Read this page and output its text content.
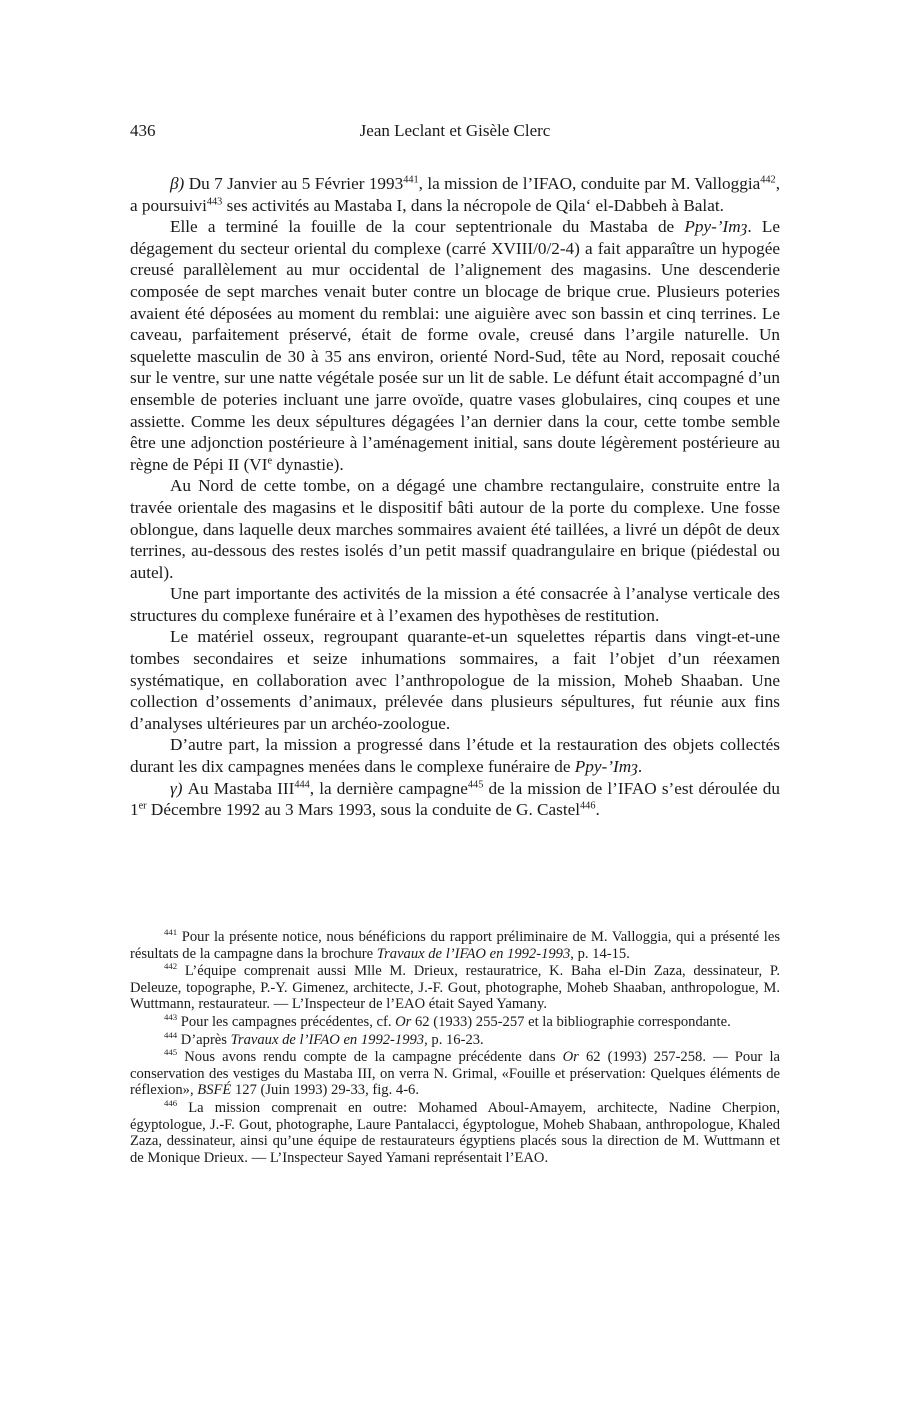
436	Jean Leclant et Gisèle Clerc

β) Du 7 Janvier au 5 Février 1993$^{441}$, la mission de l’IFAO, conduite par M. Valloggia$^{442}$, a poursuivi$^{443}$ ses activités au Mastaba I, dans la nécropole de Qila‘ el-Dabbeh à Balat.

Elle a terminé la fouille de la cour septentrionale du Mastaba de Ppy-’Imȝ. Le dégagement du secteur oriental du complexe (carré XVIII/0/2-4) a fait apparaître un hypogée creusé parallèlement au mur occidental de l’alignement des magasins. Une descenderie composée de sept marches venait buter contre un blocage de brique crue. Plusieurs poteries avaient été déposées au moment du remblai: une aiguière avec son bassin et cinq terrines. Le caveau, parfaitement préservé, était de forme ovale, creusé dans l’argile naturelle. Un squelette masculin de 30 à 35 ans environ, orienté Nord-Sud, tête au Nord, reposait couché sur le ventre, sur une natte végétale posée sur un lit de sable. Le défunt était accompagné d’un ensemble de poteries incluant une jarre ovoïde, quatre vases globulaires, cinq coupes et une assiette. Comme les deux sépultures dégagées l’an dernier dans la cour, cette tombe semble être une adjonction postérieure à l’aménagement initial, sans doute légèrement postérieure au règne de Pépi II (VIe dynastie).

Au Nord de cette tombe, on a dégagé une chambre rectangulaire, construite entre la travée orientale des magasins et le dispositif bâti autour de la porte du complexe. Une fosse oblongue, dans laquelle deux marches sommaires avaient été taillées, a livré un dépôt de deux terrines, au-dessous des restes isolés d’un petit massif quadrangulaire en brique (piédestal ou autel).

Une part importante des activités de la mission a été consacrée à l’analyse verticale des structures du complexe funéraire et à l’examen des hypothèses de restitution.

Le matériel osseux, regroupant quarante-et-un squelettes répartis dans vingt-et-une tombes secondaires et seize inhumations sommaires, a fait l’objet d’un réexamen systématique, en collaboration avec l’anthropologue de la mission, Moheb Shaaban. Une collection d’ossements d’animaux, prélevée dans plusieurs sépultures, fut réunie aux fins d’analyses ultérieures par un archéo-zoologue.

D’autre part, la mission a progressé dans l’étude et la restauration des objets collectés durant les dix campagnes menées dans le complexe funéraire de Ppy-’Imȝ.

γ) Au Mastaba III$^{444}$, la dernière campagne$^{445}$ de la mission de l’IFAO s’est déroulée du 1er Décembre 1992 au 3 Mars 1993, sous la conduite de G. Castel$^{446}$.

$^{441}$ Pour la présente notice, nous bénéficions du rapport préliminaire de M. Valloggia, qui a présenté les résultats de la campagne dans la brochure Travaux de l’IFAO en 1992-1993, p. 14-15.

$^{442}$ L’équipe comprenait aussi Mlle M. Drieux, restauratrice, K. Baha el-Din Zaza, dessinateur, P. Deleuze, topographe, P.-Y. Gimenez, architecte, J.-F. Gout, photographe, Moheb Shaaban, anthropologue, M. Wuttmann, restaurateur. — L’Inspecteur de l’EAO était Sayed Yamany.

$^{443}$ Pour les campagnes précédentes, cf. Or 62 (1933) 255-257 et la bibliographie correspondante.

$^{444}$ D’après Travaux de l’IFAO en 1992-1993, p. 16-23.

$^{445}$ Nous avons rendu compte de la campagne précédente dans Or 62 (1993) 257-258. — Pour la conservation des vestiges du Mastaba III, on verra N. Grimal, «Fouille et préservation: Quelques éléments de réflexion», BSFÉ 127 (Juin 1993) 29-33, fig. 4-6.

$^{446}$ La mission comprenait en outre: Mohamed Aboul-Amayem, architecte, Nadine Cherpion, égyptologue, J.-F. Gout, photographe, Laure Pantalacci, égyptologue, Moheb Shabaan, anthropologue, Khaled Zaza, dessinateur, ainsi qu’une équipe de restaurateurs égyptiens placés sous la direction de M. Wuttmann et de Monique Drieux. — L’Inspecteur Sayed Yamani représentait l’EAO.
